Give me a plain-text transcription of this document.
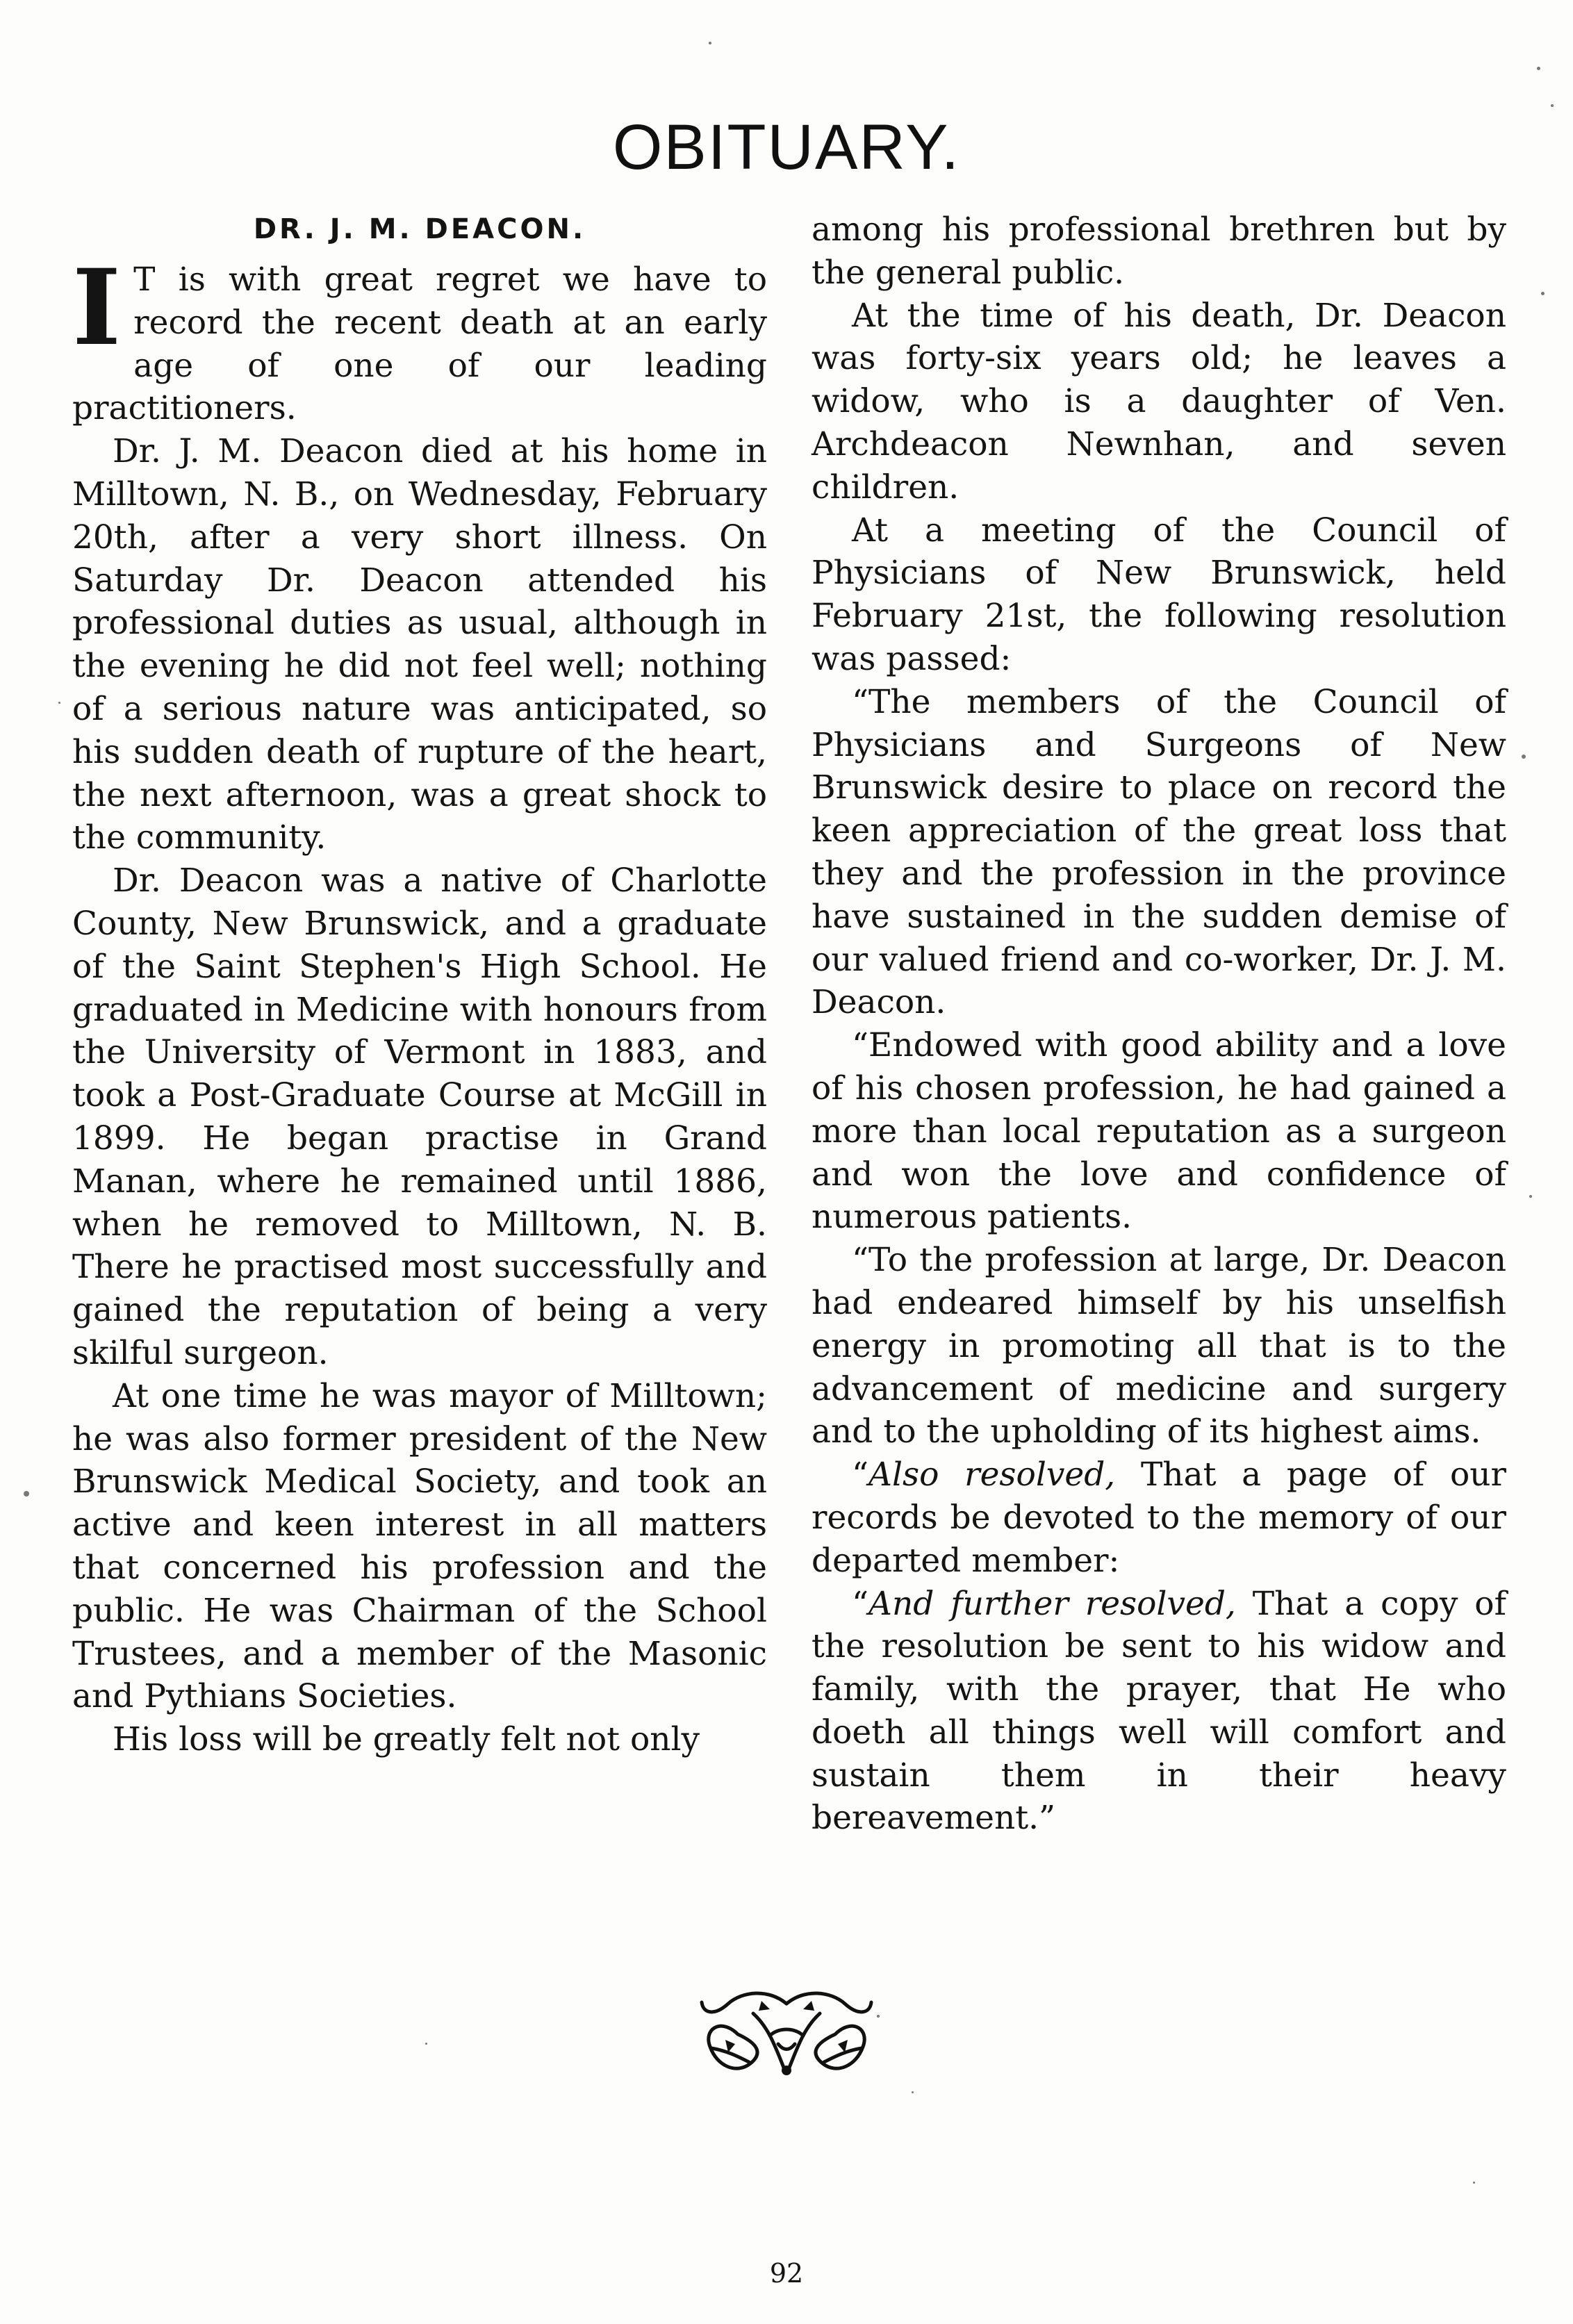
OBITUARY.
DR. J. M. DEACON.

I T is with great regret we have to record the recent death at an early age of one of our leading practitioners.

Dr. J. M. Deacon died at his home in Milltown, N. B., on Wednesday, February 20th, after a very short illness. On Saturday Dr. Deacon attended his professional duties as usual, although in the evening he did not feel well; nothing of a serious nature was anticipated, so his sudden death of rupture of the heart, the next afternoon, was a great shock to the community.

Dr. Deacon was a native of Charlotte County, New Brunswick, and a graduate of the Saint Stephen's High School. He graduated in Medicine with honours from the University of Vermont in 1883, and took a Post-Graduate Course at McGill in 1899. He began practise in Grand Manan, where he remained until 1886, when he removed to Milltown, N. B. There he practised most successfully and gained the reputation of being a very skilful surgeon.

At one time he was mayor of Milltown; he was also former president of the New Brunswick Medical Society, and took an active and keen interest in all matters that concerned his profession and the public. He was Chairman of the School Trustees, and a member of the Masonic and Pythians Societies.

His loss will be greatly felt not only

among his professional brethren but by the general public.

At the time of his death, Dr. Deacon was forty-six years old; he leaves a widow, who is a daughter of Ven. Archdeacon Newnhan, and seven children.

At a meeting of the Council of Physicians of New Brunswick, held February 21st, the following resolution was passed:

“The members of the Council of Physicians and Surgeons of New Brunswick desire to place on record the keen appreciation of the great loss that they and the profession in the province have sustained in the sudden demise of our valued friend and co-worker, Dr. J. M. Deacon.

“Endowed with good ability and a love of his chosen profession, he had gained a more than local reputation as a surgeon and won the love and confidence of numerous patients.

“To the profession at large, Dr. Deacon had endeared himself by his unselfish energy in promoting all that is to the advancement of medicine and surgery and to the upholding of its highest aims.

“Also resolved, That a page of our records be devoted to the memory of our departed member:

“And further resolved, That a copy of the resolution be sent to his widow and family, with the prayer, that He who doeth all things well will comfort and sustain them in their heavy bereavement.”

92
